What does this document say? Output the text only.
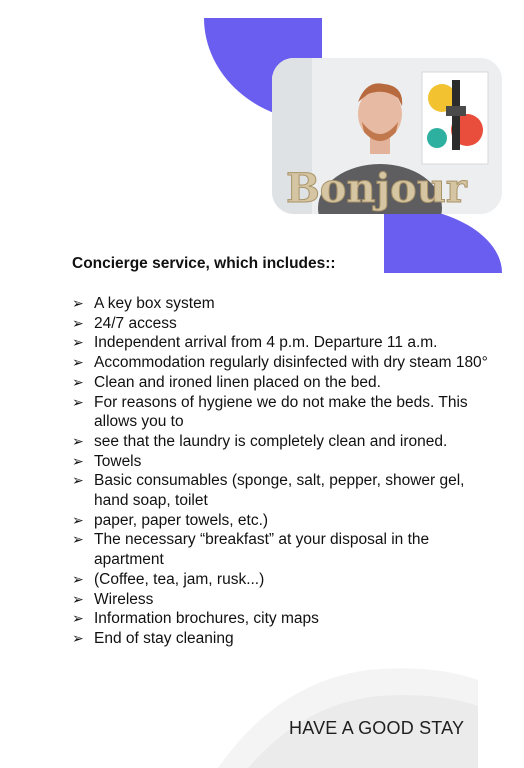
Bonjour

Concierge service, which includes::

➢ A key box system
➢ 24/7 access
➢ Independent arrival from 4 p.m. Departure 11 a.m.
➢ Accommodation regularly disinfected with dry steam 180°
➢ Clean and ironed linen placed on the bed.
➢ For reasons of hygiene we do not make the beds. This allows you to
➢ see that the laundry is completely clean and ironed.
➢ Towels
➢ Basic consumables (sponge, salt, pepper, shower gel, hand soap, toilet
➢ paper, paper towels, etc.)
➢ The necessary “breakfast” at your disposal in the apartment
➢ (Coffee, tea, jam, rusk...)
➢ Wireless
➢ Information brochures, city maps
➢ End of stay cleaning

HAVE A GOOD STAY
